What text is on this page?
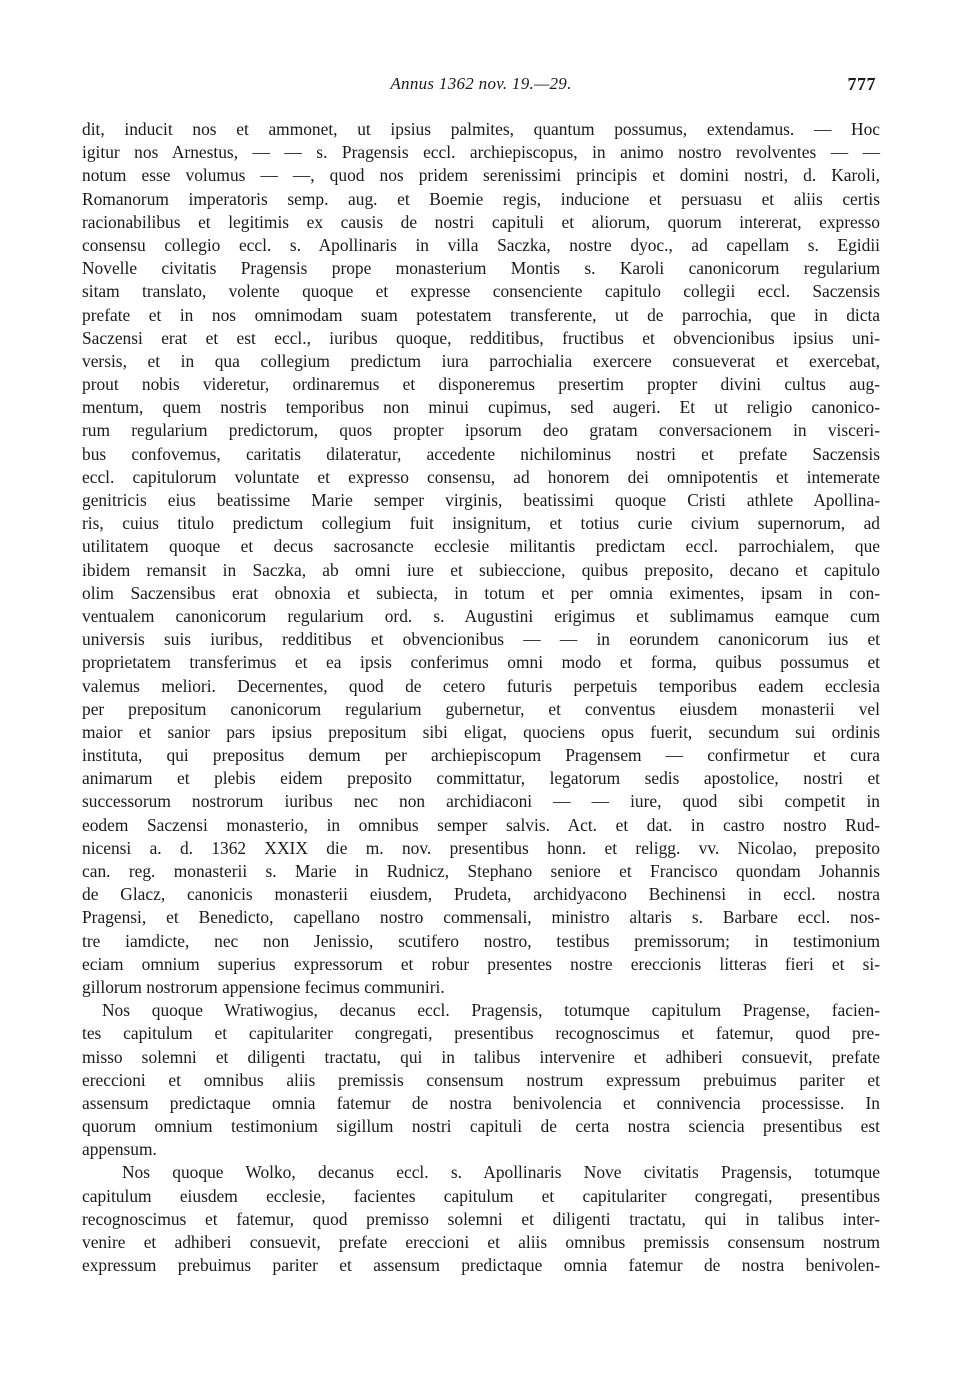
Annus 1362 nov. 19.—29.	777
dit, inducit nos et ammonet, ut ipsius palmites, quantum possumus, extendamus. — Hoc
igitur nos Arnestus, — — s. Pragensis eccl. archiepiscopus, in animo nostro revolventes — —
notum esse volumus — —, quod nos pridem serenissimi principis et domini nostri, d. Karoli,
Romanorum imperatoris semp. aug. et Boemie regis, inducione et persuasu et aliis certis
racionabilibus et legitimis ex causis de nostri capituli et aliorum, quorum intererat, expresso
consensu collegio eccl. s. Apollinaris in villa Saczka, nostre dyoc., ad capellam s. Egidii
Novelle civitatis Pragensis prope monasterium Montis s. Karoli canonicorum regularium
sitam translato, volente quoque et expresse consenciente capitulo collegii eccl. Saczensis
prefate et in nos omnimodam suam potestatem transferente, ut de parrochia, que in dicta
Saczensi erat et est eccl., iuribus quoque, redditibus, fructibus et obvencionibus ipsius uni-
versis, et in qua collegium predictum iura parrochialia exercere consueverat et exercebat,
prout nobis videretur, ordinaremus et disponeremus presertim propter divini cultus aug-
mentum, quem nostris temporibus non minui cupimus, sed augeri. Et ut religio canonico-
rum regularium predictorum, quos propter ipsorum deo gratam conversacionem in visceri-
bus confovemus, caritatis dilateratur, accedente nichilominus nostri et prefate Saczensis
eccl. capitulorum voluntate et expresso consensu, ad honorem dei omnipotentis et intemerate
genitricis eius beatissime Marie semper virginis, beatissimi quoque Cristi athlete Apollina-
ris, cuius titulo predictum collegium fuit insignitum, et totius curie civium supernorum, ad
utilitatem quoque et decus sacrosancte ecclesie militantis predictam eccl. parrochialem, que
ibidem remansit in Saczka, ab omni iure et subieccione, quibus preposito, decano et capitulo
olim Saczensibus erat obnoxia et subiecta, in totum et per omnia eximentes, ipsam in con-
ventualem canonicorum regularium ord. s. Augustini erigimus et sublimamus eamque cum
universis suis iuribus, redditibus et obvencionibus — — in eorundem canonicorum ius et
proprietatem transferimus et ea ipsis conferimus omni modo et forma, quibus possumus et
valemus meliori. Decernentes, quod de cetero futuris perpetuis temporibus eadem ecclesia
per prepositum canonicorum regularium gubernetur, et conventus eiusdem monasterii vel
maior et sanior pars ipsius prepositum sibi eligat, quociens opus fuerit, secundum sui ordinis
instituta, qui prepositus demum per archiepiscopum Pragensem — confirmetur et cura
animarum et plebis eidem preposito committatur, legatorum sedis apostolice, nostri et
successorum nostrorum iuribus nec non archidiaconi — — iure, quod sibi competit in
eodem Saczensi monasterio, in omnibus semper salvis. Act. et dat. in castro nostro Rud-
nicensi a. d. 1362 XXIX die m. nov. presentibus honn. et religg. vv. Nicolao, preposito
can. reg. monasterii s. Marie in Rudnicz, Stephano seniore et Francisco quondam Johannis
de Glacz, canonicis monasterii eiusdem, Prudeta, archidyacono Bechinensi in eccl. nostra
Pragensi, et Benedicto, capellano nostro commensali, ministro altaris s. Barbare eccl. nos-
tre iamdicte, nec non Jenissio, scutifero nostro, testibus premissorum; in testimonium
eciam omnium superius expressorum et robur presentes nostre ereccionis litteras fieri et si-
gillorum nostrorum appensione fecimus communiri.
Nos quoque Wratiwogius, decanus eccl. Pragensis, totumque capitulum Pragense, facien-
tes capitulum et capitulariter congregati, presentibus recognoscimus et fatemur, quod pre-
misso solemni et diligenti tractatu, qui in talibus intervenire et adhiberi consuevit, prefate
ereccioni et omnibus aliis premissis consensum nostrum expressum prebuimus pariter et
assensum predictaque omnia fatemur de nostra benivolencia et connivencia processisse. In
quorum omnium testimonium sigillum nostri capituli de certa nostra sciencia presentibus est
appensum.
Nos quoque Wolko, decanus eccl. s. Apollinaris Nove civitatis Pragensis, totumque
capitulum eiusdem ecclesie, facientes capitulum et capitulariter congregati, presentibus
recognoscimus et fatemur, quod premisso solemni et diligenti tractatu, qui in talibus inter-
venire et adhiberi consuevit, prefate ereccioni et aliis omnibus premissis consensum nostrum
expressum prebuimus pariter et assensum predictaque omnia fatemur de nostra benivolen-
